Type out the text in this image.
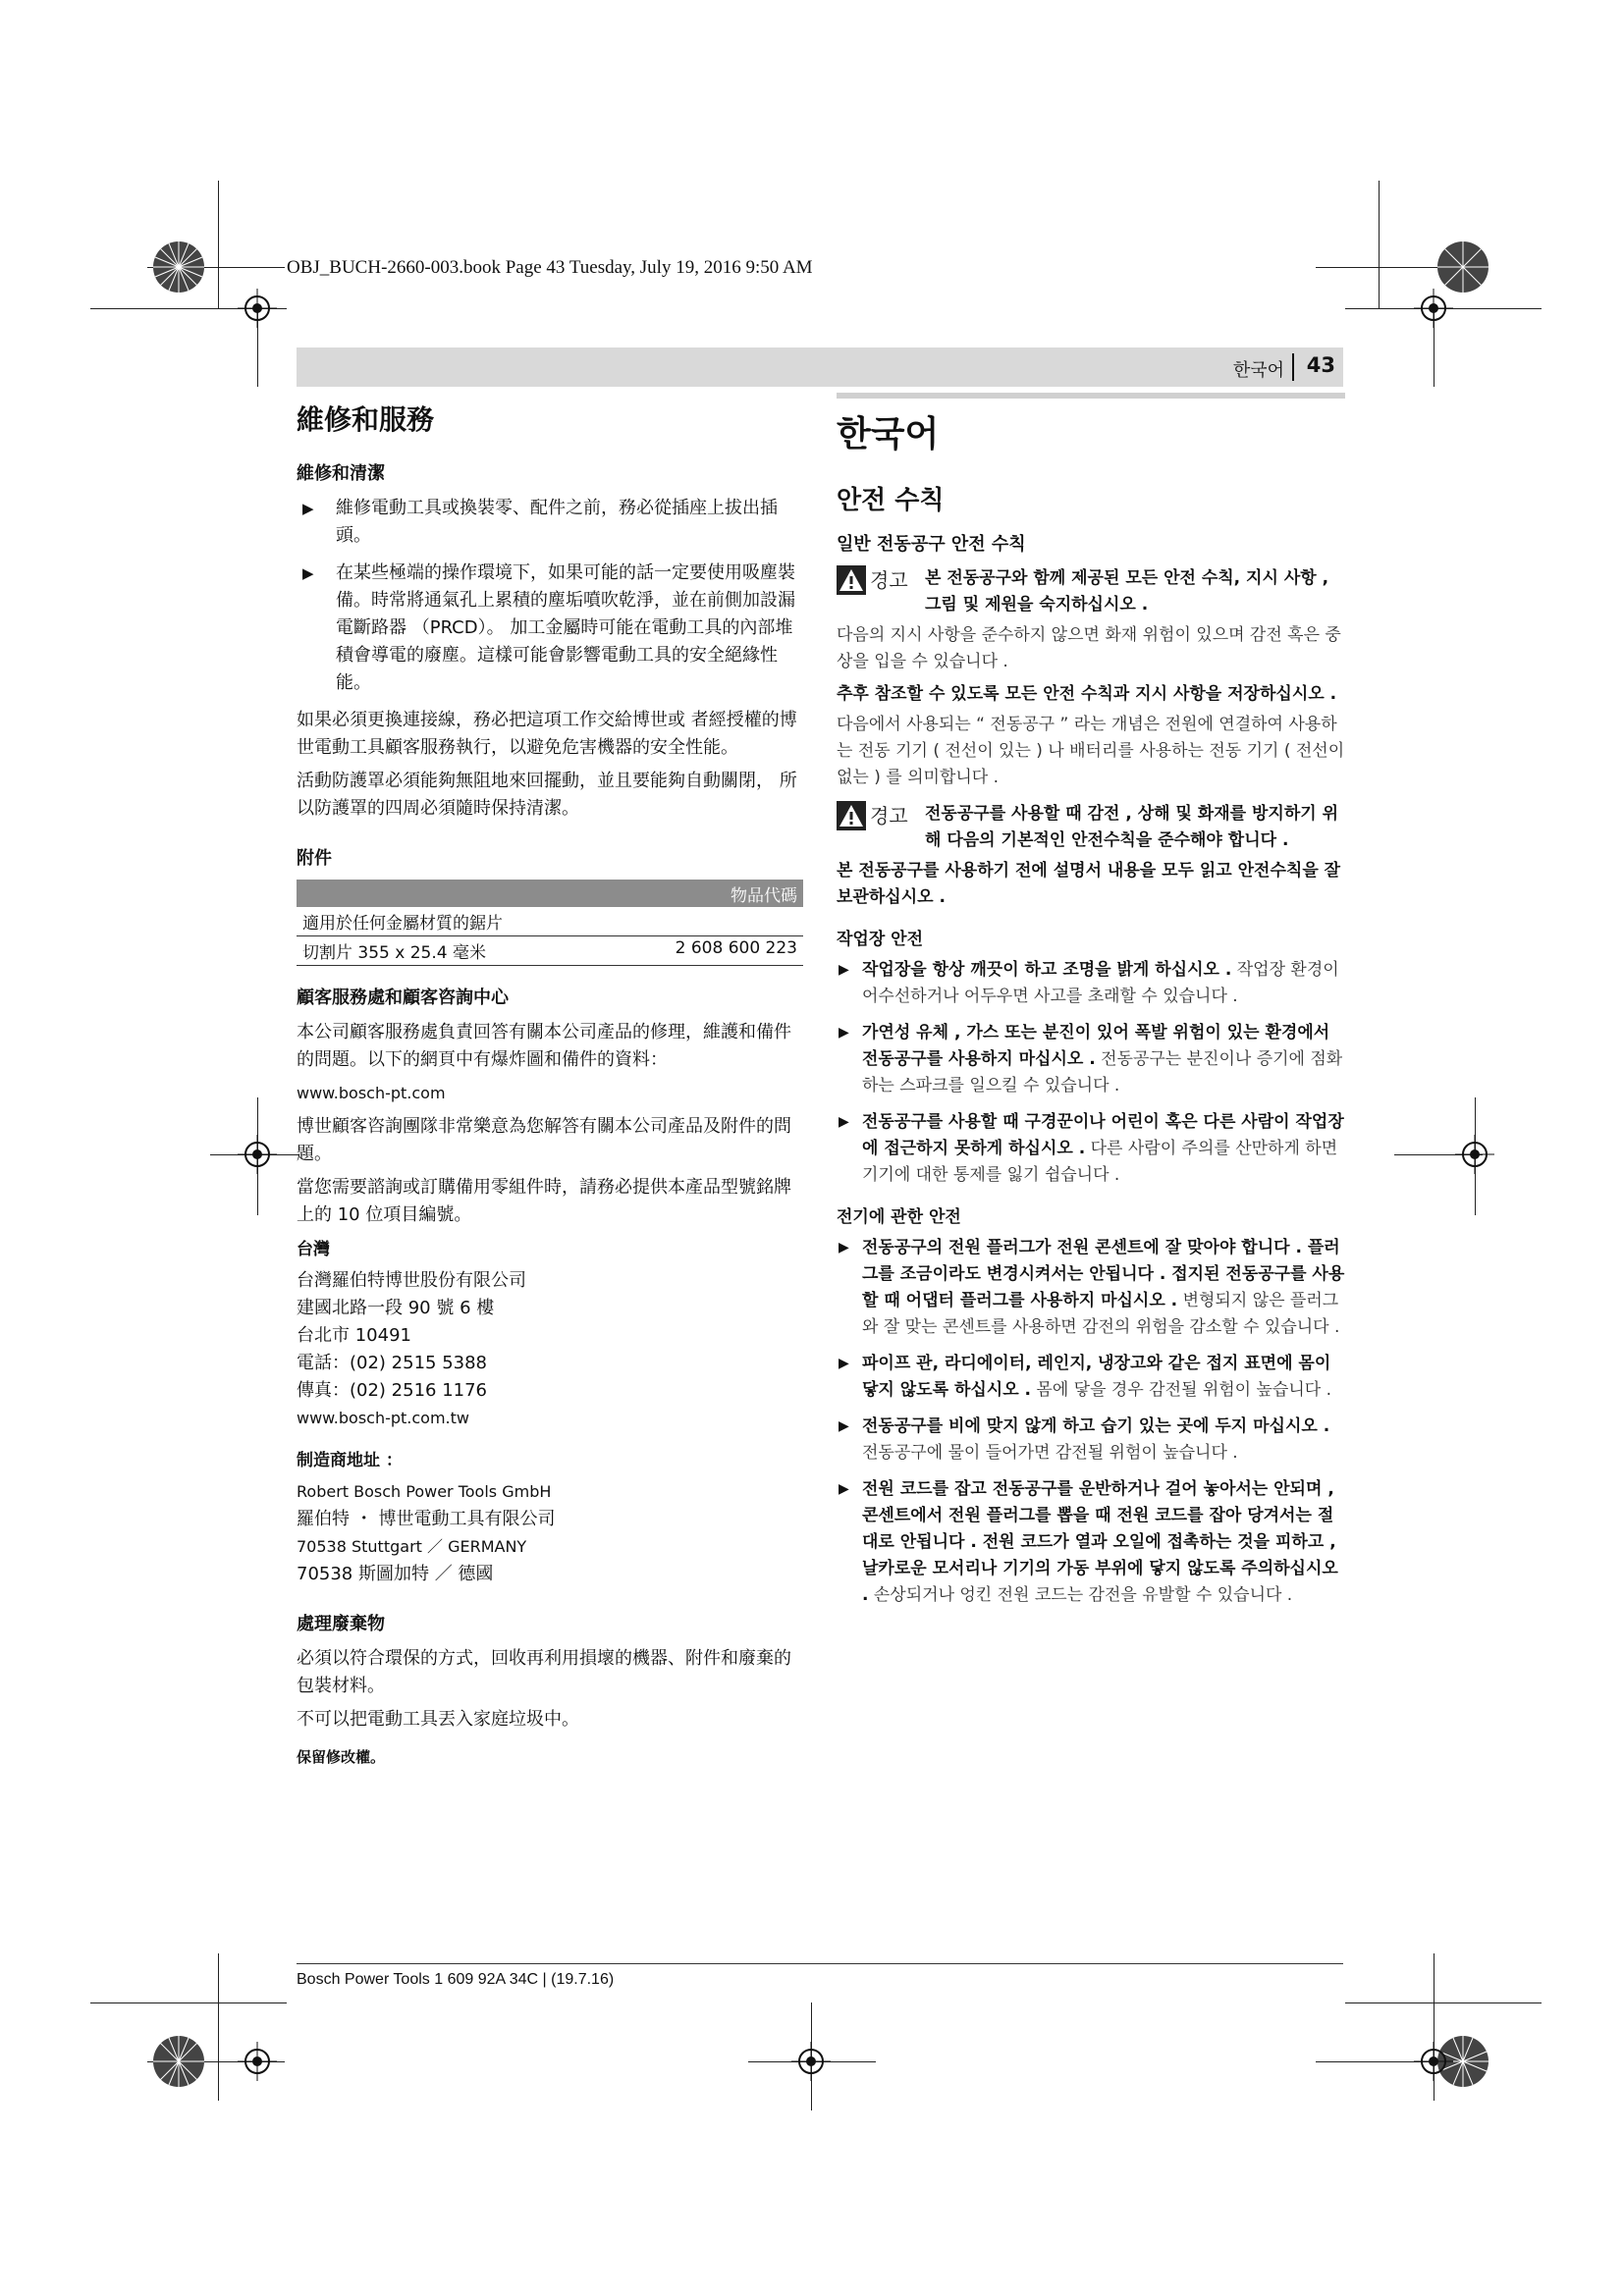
OBJ_BUCH-2660-003.book Page 43 Tuesday, July 19, 2016 9:50 AM
한국어 43
維修和服務
維修和清潔
▶ 維修電動工具或換裝零、配件之前，務必從插座上拔出插頭。
▶ 在某些極端的操作環境下，如果可能的話一定要使用吸塵裝備。時常將通氣孔上累積的塵垢噴吹乾淨，並在前側加設漏電斷路器 （PRCD）。 加工金屬時可能在電動工具的內部堆積會導電的廢塵。這樣可能會影響電動工具的安全絕緣性能。
如果必須更換連接線，務必把這項工作交給博世或 者經授權的博世電動工具顧客服務執行，以避免危害機器的安全性能。
活動防護罩必須能夠無阻地來回擺動，並且要能夠自動關閉， 所以防護罩的四周必須隨時保持清潔。
附件
物品代碼
適用於任何金屬材質的鋸片
切割片 355 x 25.4 毫米	2 608 600 223
顧客服務處和顧客咨詢中心
本公司顧客服務處負責回答有關本公司產品的修理，維護和備件的問題。以下的網頁中有爆炸圖和備件的資料：
www.bosch-pt.com
博世顧客咨詢團隊非常樂意為您解答有關本公司產品及附件的問題。
當您需要諮詢或訂購備用零組件時，請務必提供本產品型號銘牌上的 10 位項目編號。
台灣
台灣羅伯特博世股份有限公司
建國北路一段 90 號 6 樓
台北市 10491
電話：(02) 2515 5388
傳真：(02) 2516 1176
www.bosch-pt.com.tw
制造商地址 ：
Robert Bosch Power Tools GmbH
羅伯特 ・ 博世電動工具有限公司
70538 Stuttgart ／ GERMANY
70538 斯圖加特 ／ 德國
處理廢棄物
必須以符合環保的方式，回收再利用損壞的機器、附件和廢棄的包裝材料。
不可以把電動工具丟入家庭垃圾中。
保留修改權。
한국어
안전 수칙
일반 전동공구 안전 수칙
경고 본 전동공구와 함께 제공된 모든 안전 수칙, 지시 사항 , 그림 및 제원을 숙지하십시오 .
다음의 지시 사항을 준수하지 않으면 화재 위험이 있으며 감전 혹은 중상을 입을 수 있습니다 .
추후 참조할 수 있도록 모든 안전 수칙과 지시 사항을 저장하십시오 .
다음에서 사용되는 “ 전동공구 ” 라는 개념은 전원에 연결하여 사용하는 전동 기기 ( 전선이 있는 ) 나 배터리를 사용하는 전동 기기 ( 전선이 없는 ) 를 의미합니다 .
경고 전동공구를 사용할 때 감전 , 상해 및 화재를 방지하기 위해 다음의 기본적인 안전수칙을 준수해야 합니다 .
본 전동공구를 사용하기 전에 설명서 내용을 모두 읽고 안전수칙을 잘 보관하십시오 .
작업장 안전
▶ 작업장을 항상 깨끗이 하고 조명을 밝게 하십시오 . 작업장 환경이 어수선하거나 어두우면 사고를 초래할 수 있습니다 .
▶ 가연성 유체 , 가스 또는 분진이 있어 폭발 위험이 있는 환경에서 전동공구를 사용하지 마십시오 . 전동공구는 분진이나 증기에 점화하는 스파크를 일으킬 수 있습니다 .
▶ 전동공구를 사용할 때 구경꾼이나 어린이 혹은 다른 사람이 작업장에 접근하지 못하게 하십시오 . 다른 사람이 주의를 산만하게 하면 기기에 대한 통제를 잃기 쉽습니다 .
전기에 관한 안전
▶ 전동공구의 전원 플러그가 전원 콘센트에 잘 맞아야 합니다 . 플러그를 조금이라도 변경시켜서는 안됩니다 . 접지된 전동공구를 사용할 때 어댑터 플러그를 사용하지 마십시오 . 변형되지 않은 플러그와 잘 맞는 콘센트를 사용하면 감전의 위험을 감소할 수 있습니다 .
▶ 파이프 관, 라디에이터, 레인지, 냉장고와 같은 접지 표면에 몸이 닿지 않도록 하십시오 . 몸에 닿을 경우 감전될 위험이 높습니다 .
▶ 전동공구를 비에 맞지 않게 하고 습기 있는 곳에 두지 마십시오 . 전동공구에 물이 들어가면 감전될 위험이 높습니다 .
▶ 전원 코드를 잡고 전동공구를 운반하거나 걸어 놓아서는 안되며 , 콘센트에서 전원 플러그를 뽑을 때 전원 코드를 잡아 당겨서는 절대로 안됩니다 . 전원 코드가 열과 오일에 접촉하는 것을 피하고 , 날카로운 모서리나 기기의 가동 부위에 닿지 않도록 주의하십시오 . 손상되거나 엉킨 전원 코드는 감전을 유발할 수 있습니다 .
Bosch Power Tools 1 609 92A 34C | (19.7.16)
